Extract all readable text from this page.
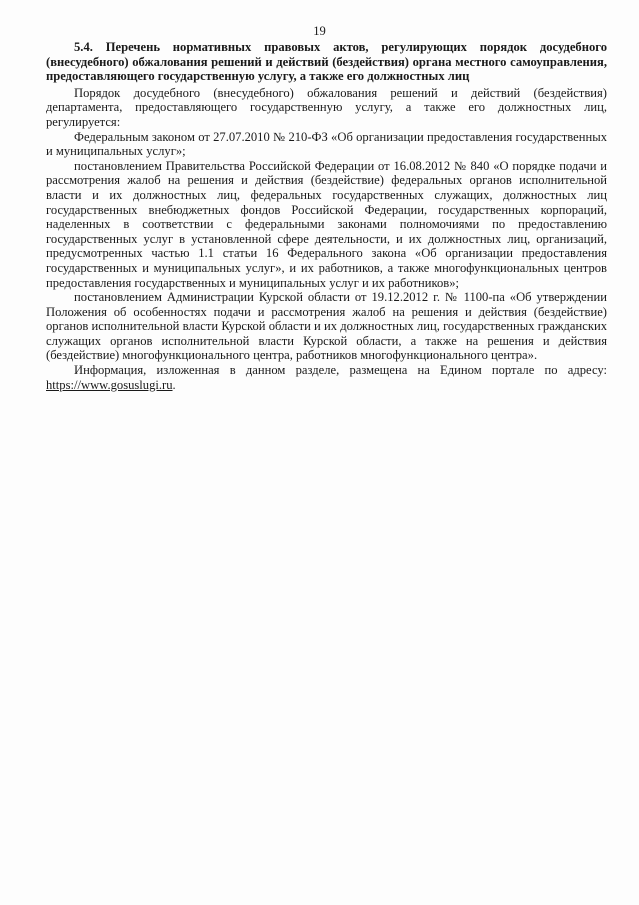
19

5.4. Перечень нормативных правовых актов, регулирующих порядок досудебного (внесудебного) обжалования решений и действий (бездействия) органа местного самоуправления, предоставляющего государственную услугу, а также его должностных лиц

Порядок досудебного (внесудебного) обжалования решений и действий (бездействия) департамента, предоставляющего государственную услугу, а также его должностных лиц, регулируется:

Федеральным законом от 27.07.2010 № 210-ФЗ «Об организации предоставления государственных и муниципальных услуг»;

постановлением Правительства Российской Федерации от 16.08.2012 № 840 «О порядке подачи и рассмотрения жалоб на решения и действия (бездействие) федеральных органов исполнительной власти и их должностных лиц, федеральных государственных служащих, должностных лиц государственных внебюджетных фондов Российской Федерации, государственных корпораций, наделенных в соответствии с федеральными законами полномочиями по предоставлению государственных услуг в установленной сфере деятельности, и их должностных лиц, организаций, предусмотренных частью 1.1 статьи 16 Федерального закона «Об организации предоставления государственных и муниципальных услуг», и их работников, а также многофункциональных центров предоставления государственных и муниципальных услуг и их работников»;

постановлением Администрации Курской области от 19.12.2012 г. № 1100-па «Об утверждении Положения об особенностях подачи и рассмотрения жалоб на решения и действия (бездействие) органов исполнительной власти Курской области и их должностных лиц, государственных гражданских служащих органов исполнительной власти Курской области, а также на решения и действия (бездействие) многофункционального центра, работников многофункционального центра».

Информация, изложенная в данном разделе, размещена на Едином портале по адресу: https://www.gosuslugi.ru.
